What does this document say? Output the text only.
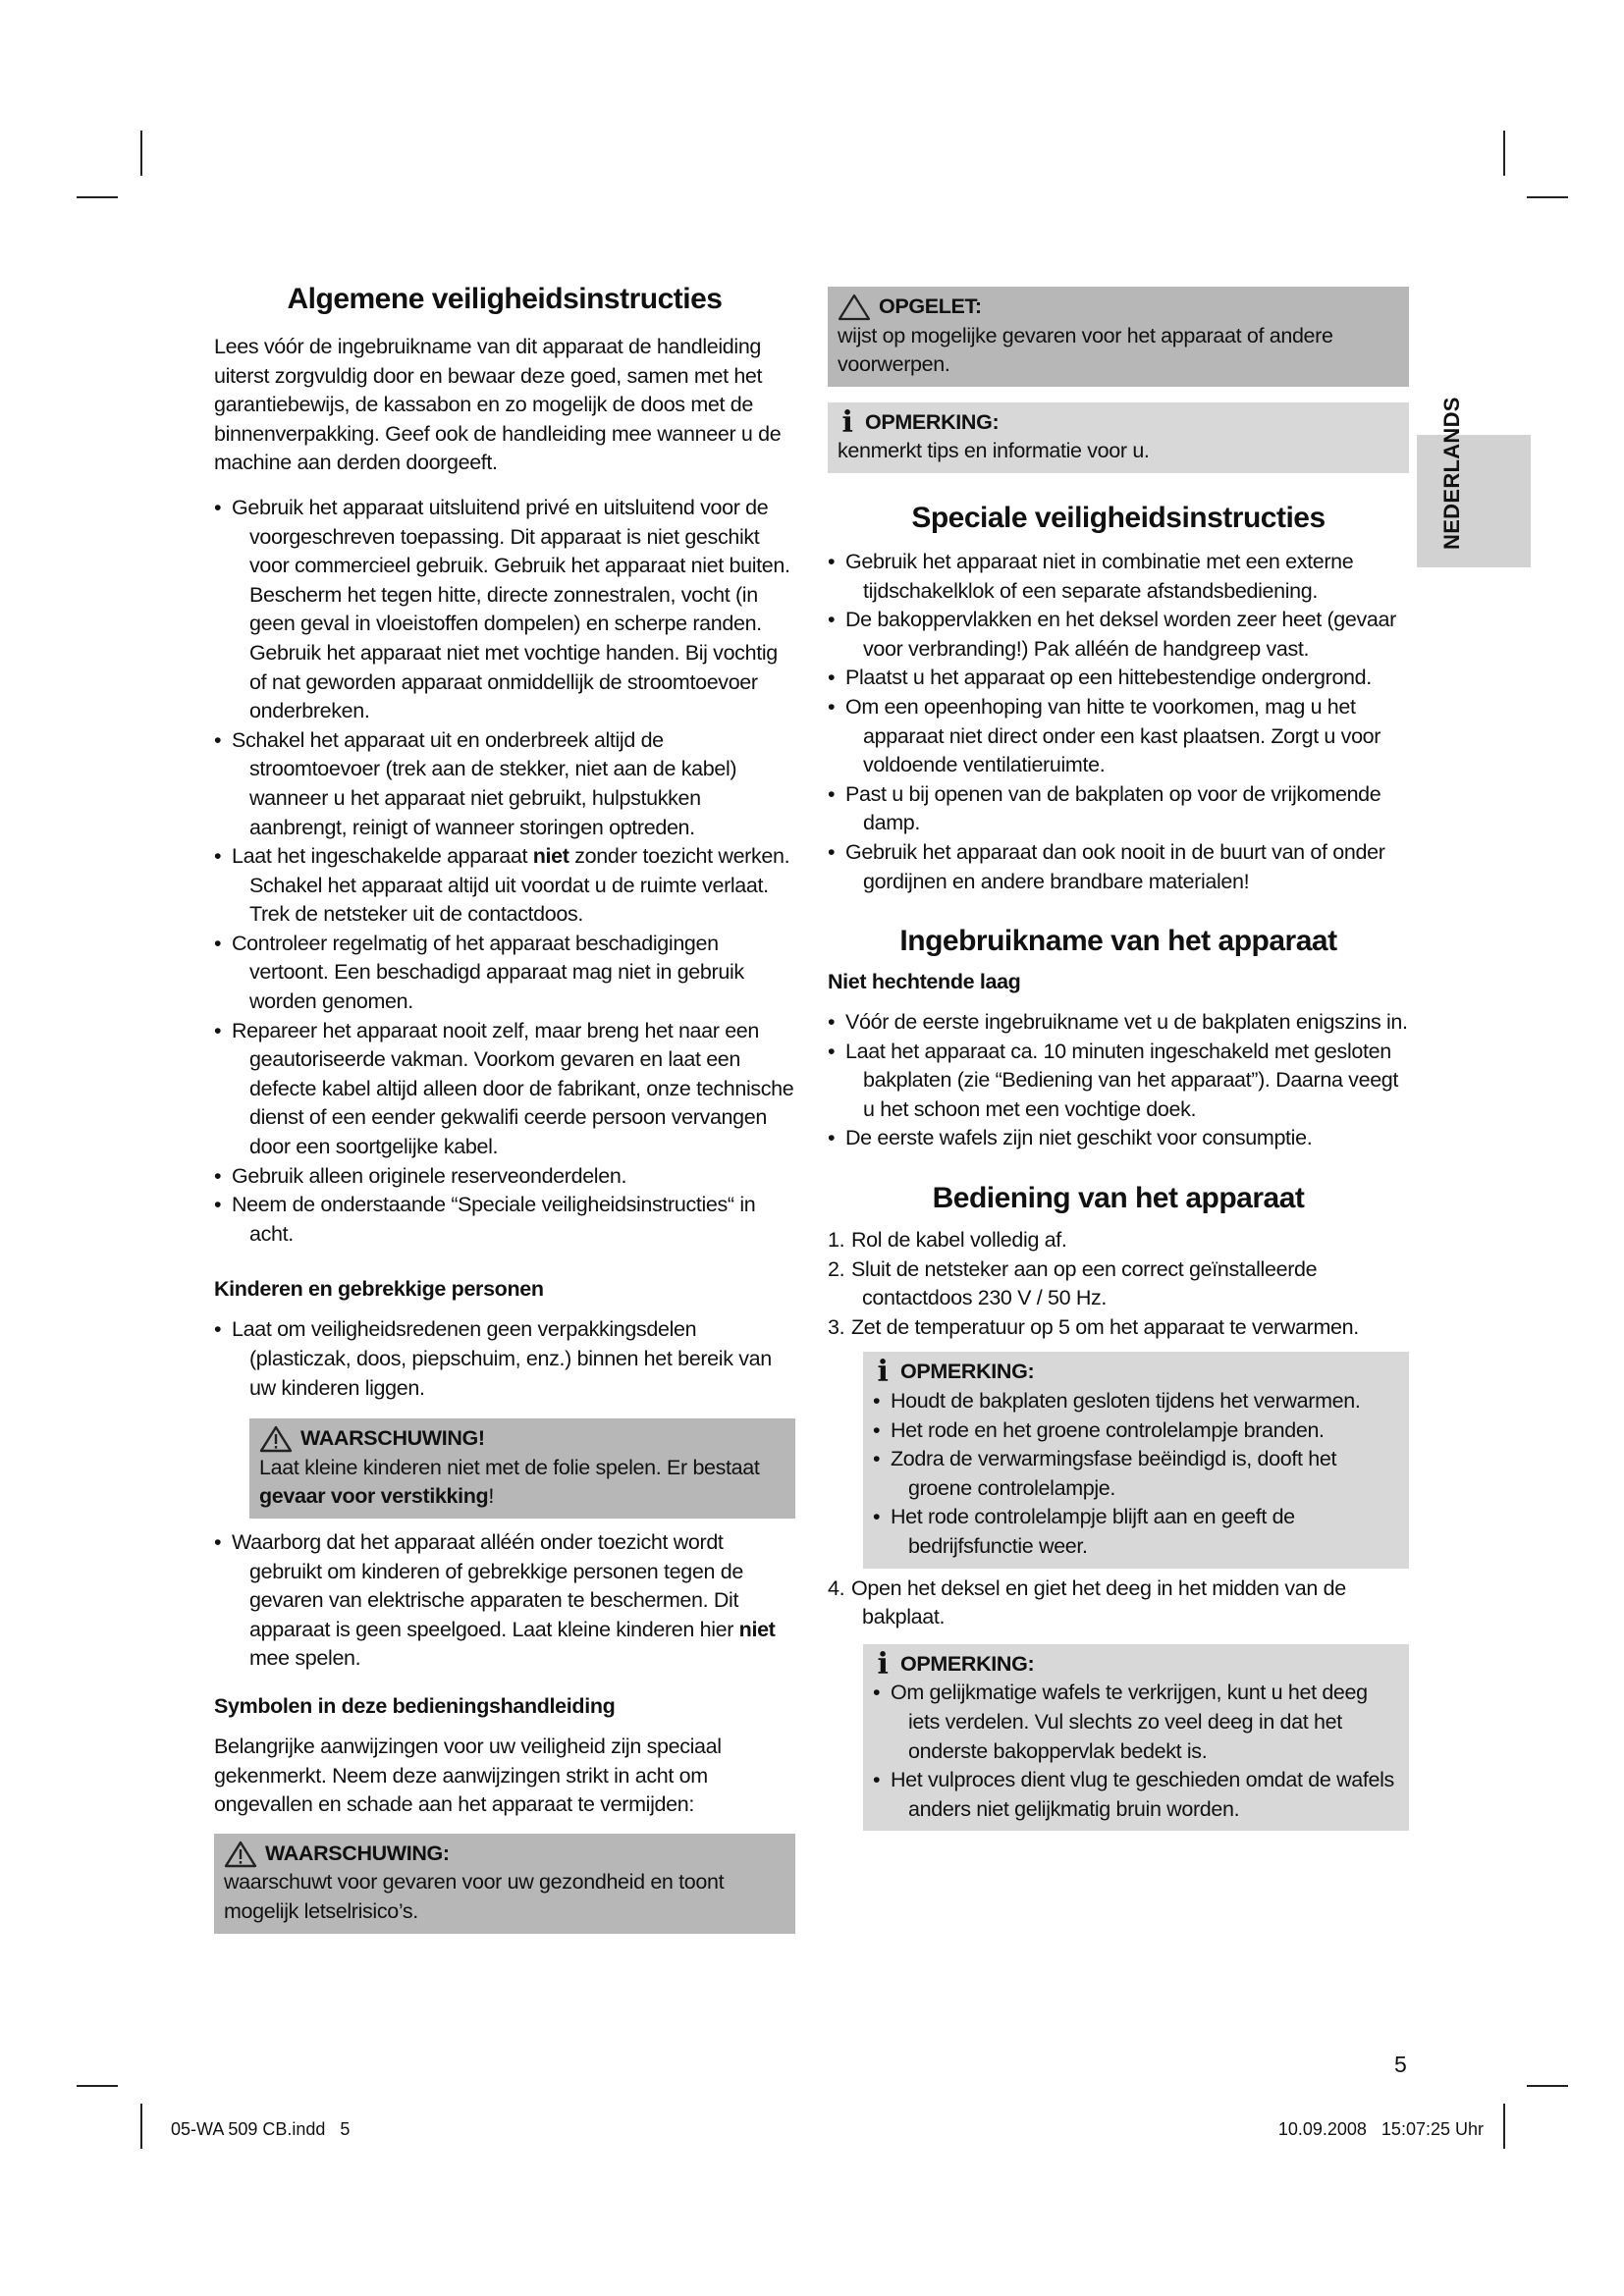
Algemene veiligheidsinstructies

Lees vóór de ingebruikname van dit apparaat de handleiding uiterst zorgvuldig door en bewaar deze goed, samen met het garantiebewijs, de kassabon en zo mogelijk de doos met de binnenverpakking. Geef ook de handleiding mee wanneer u de machine aan derden doorgeeft.

• Gebruik het apparaat uitsluitend privé en uitsluitend voor de voorgeschreven toepassing. Dit apparaat is niet geschikt voor commercieel gebruik. Gebruik het apparaat niet buiten. Bescherm het tegen hitte, directe zonnestralen, vocht (in geen geval in vloeistoffen dompelen) en scherpe randen. Gebruik het apparaat niet met vochtige handen. Bij vochtig of nat geworden apparaat onmiddellijk de stroomtoevoer onderbreken.
• Schakel het apparaat uit en onderbreek altijd de stroomtoevoer (trek aan de stekker, niet aan de kabel) wanneer u het apparaat niet gebruikt, hulpstukken aanbrengt, reinigt of wanneer storingen optreden.
• Laat het ingeschakelde apparaat niet zonder toezicht werken. Schakel het apparaat altijd uit voordat u de ruimte verlaat. Trek de netsteker uit de contactdoos.
• Controleer regelmatig of het apparaat beschadigingen vertoont. Een beschadigd apparaat mag niet in gebruik worden genomen.
• Repareer het apparaat nooit zelf, maar breng het naar een geautoriseerde vakman. Voorkom gevaren en laat een defecte kabel altijd alleen door de fabrikant, onze technische dienst of een eender gekwalifi ceerde persoon vervangen door een soortgelijke kabel.
• Gebruik alleen originele reserveonderdelen.
• Neem de onderstaande “Speciale veiligheidsinstructies“ in acht.
Kinderen en gebrekkige personen
• Laat om veiligheidsredenen geen verpakkingsdelen (plasticzak, doos, piepschuim, enz.) binnen het bereik van uw kinderen liggen.
WAARSCHUWING!

Laat kleine kinderen niet met de folie spelen. Er bestaat gevaar voor verstikking!

• Waarborg dat het apparaat alléén onder toezicht wordt gebruikt om kinderen of gebrekkige personen tegen de gevaren van elektrische apparaten te beschermen. Dit apparaat is geen speelgoed. Laat kleine kinderen hier niet mee spelen.
Symbolen in deze bedieningshandleiding

Belangrijke aanwijzingen voor uw veiligheid zijn speciaal gekenmerkt. Neem deze aanwijzingen strikt in acht om ongevallen en schade aan het apparaat te vermijden:

WAARSCHUWING:

waarschuwt voor gevaren voor uw gezondheid en toont mogelijk letselrisico’s.

OPGELET:

wijst op mogelijke gevaren voor het apparaat of andere voorwerpen.

i OPMERKING:

kenmerkt tips en informatie voor u.

Speciale veiligheidsinstructies
• Gebruik het apparaat niet in combinatie met een externe tijdschakelklok of een separate afstandsbediening.
• De bakoppervlakken en het deksel worden zeer heet (gevaar voor verbranding!) Pak alléén de handgreep vast.
• Plaatst u het apparaat op een hittebestendige ondergrond.
• Om een opeenhoping van hitte te voorkomen, mag u het apparaat niet direct onder een kast plaatsen. Zorgt u voor voldoende ventilatieruimte.
• Past u bij openen van de bakplaten op voor de vrijkomende damp.
• Gebruik het apparaat dan ook nooit in de buurt van of onder gordijnen en andere brandbare materialen!
Ingebruikname van het apparaat
Niet hechtende laag
• Vóór de eerste ingebruikname vet u de bakplaten enigszins in.
• Laat het apparaat ca. 10 minuten ingeschakeld met gesloten bakplaten (zie “Bediening van het apparaat”). Daarna veegt u het schoon met een vochtige doek.
• De eerste wafels zijn niet geschikt voor consumptie.
Bediening van het apparaat
1. Rol de kabel volledig af.
2. Sluit de netsteker aan op een correct geïnstalleerde contactdoos 230 V / 50 Hz.
3. Zet de temperatuur op 5 om het apparaat te verwarmen.
i OPMERKING:
• Houdt de bakplaten gesloten tijdens het verwarmen.
• Het rode en het groene controlelampje branden.
• Zodra de verwarmingsfase beëindigd is, dooft het groene controlelampje.
• Het rode controlelampje blijft aan en geeft de bedrijfsfunctie weer.
4. Open het deksel en giet het deeg in het midden van de bakplaat.
i OPMERKING:
• Om gelijkmatige wafels te verkrijgen, kunt u het deeg iets verdelen. Vul slechts zo veel deeg in dat het onderste bakoppervlak bedekt is.
• Het vulproces dient vlug te geschieden omdat de wafels anders niet gelijkmatig bruin worden.
NEDERLANDS
5
05-WA 509 CB.indd   5	10.09.2008   15:07:25 Uhr
